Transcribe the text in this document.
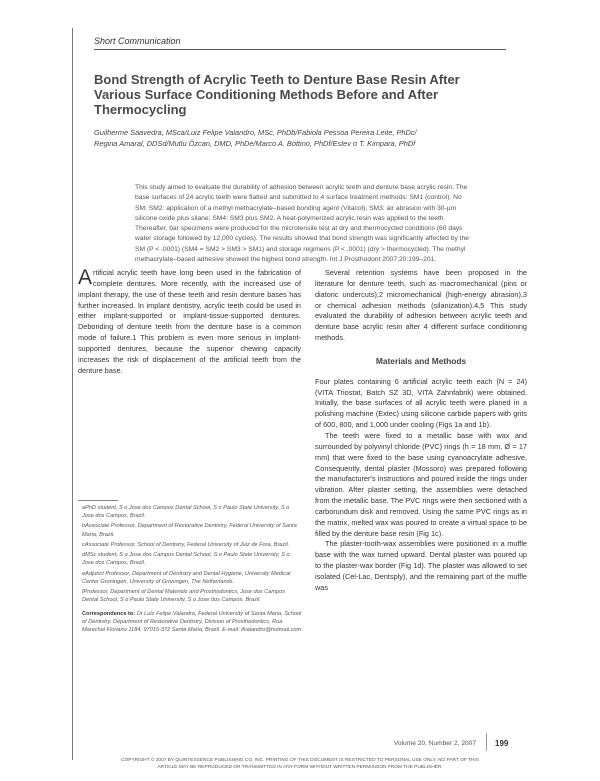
Short Communication
Bond Strength of Acrylic Teeth to Denture Base Resin After Various Surface Conditioning Methods Before and After Thermocycling

Guilherme Saavedra, MSca/Luiz Felipe Valandro, MSc, PhDb/Fabiola Pessoa Pereira Leite, PhDc/

Regina Amaral, DDSd/Mutlu Özcan, DMD, PhDe/Marco A. Bottino, PhDf/Estev o T. Kimpara, PhDf

This study aimed to evaluate the durability of adhesion between acrylic teeth and denture base acrylic resin. The base surfaces of 24 acrylic teeth were flatted and submitted to 4 surface treatment methods: SM1 (control): No SM; SM2: application of a methyl methacrylate–based bonding agent (Vitacol); SM3: air abrasion with 30-µm silicone oxide plus silane; SM4: SM3 plus SM2. A heat-polymerized acrylic resin was applied to the teeth. Thereafter, bar specimens were produced for the microtensile test at dry and thermocycled conditions (60 days water storage followed by 12,000 cycles). The results showed that bond strength was significantly affected by the SM (P < .0001) (SM4 = SM2 > SM3 > SM1) and storage regimens (P < .0001) (dry > thermocycled). The methyl methacrylate–based adhesive showed the highest bond strength. Int J Prosthodont 2007;20:199–201.

Artificial acrylic teeth have long been used in the fabrication of complete dentures. More recently, with the increased use of implant therapy, the use of these teeth and resin denture bases has further increased. In implant dentistry, acrylic teeth could be used in either implant-supported or implant-tissue-supported dentures. Debonding of denture teeth from the denture base is a common mode of failure.1 This problem is even more serious in implant-supported dentures, because the superior chewing capacity increases the risk of displacement of the artificial teeth from the denture base.

Several retention systems have been proposed in the literature for denture teeth, such as macromechanical (pins or diatoric undercuts),2 micromechanical (high-energy abrasion),3 or chemical adhesion methods (silanization).4,5 This study evaluated the durability of adhesion between acrylic teeth and denture base acrylic resin after 4 different surface conditioning methods.

Materials and Methods

Four plates containing 6 artificial acrylic teeth each (N = 24) (VITA Triostat, Batch SZ 3D, VITA Zahnfabrik) were obtained. Initially, the base surfaces of all acrylic teeth were planed in a polishing machine (Extec) using silicone carbide papers with grits of 600, 800, and 1,000 under cooling (Figs 1a and 1b).

The teeth were fixed to a metallic base with wax and surrounded by polyvinyl chloride (PVC) rings (h = 18 mm, Ø = 17 mm) that were fixed to the base using cyanoacrylate adhesive. Consequently, dental plaster (Mossoro) was prepared following the manufacturer's instructions and poured inside the rings under vibration. After plaster setting, the assemblies were detached from the metallic base. The PVC rings were then sectioned with a carborundum disk and removed. Using the same PVC rings as in the matrix, melted wax was poured to create a virtual space to be filled by the denture base resin (Fig 1c).

The plaster-tooth-wax assemblies were positioned in a muffle base with the wax turned upward. Dental plaster was poured up to the plaster-wax border (Fig 1d). The plaster was allowed to set isolated (Cel-Lac, Dentsply), and the remaining part of the muffle was

aPhD student, S o Jose dos Campos Dental School, S o Paulo State University, S o Jose dos Campos, Brazil.

bAssociate Professor, Department of Restorative Dentistry, Federal University of Santa Maria, Brazil.

cAssociate Professor, School of Dentistry, Federal University of Juiz de Fora, Brazil.

dMSc student, S o Jose dos Campos Dental School, S o Paulo State University, S o Jose dos Campos, Brazil.

eAdjunct Professor, Department of Dentistry and Dental Hygiene, University Medical Center Groningen, University of Groningen, The Netherlands.

fProfessor, Department of Dental Materials and Prosthodontics, Jose dos Campos Dental School, S o Paulo State University, S o Jose dos Campos, Brazil.

Correspondence to: Dr Luiz Felipe Valandro, Federal University of Santa Maria, School of Dentistry, Department of Restorative Dentistry, Division of Prosthodontics, Rua Marechal Floriano 1184, 97015-372 Santa Maria, Brazil. E-mail: lfvalandro@hotmail.com

Volume 20, Number 2, 2007 199
COPYRIGHT © 2007 BY QUINTESSENCE PUBLISHING CO, INC. PRINTING OF THIS DOCUMENT IS RESTRICTED TO PERSONAL USE ONLY. NO PART OF THIS
ARTICLE MAY BE REPRODUCED OR TRANSMITTED IN ANY FORM WITHOUT WRITTEN PERMISSION FROM THE PUBLISHER.
